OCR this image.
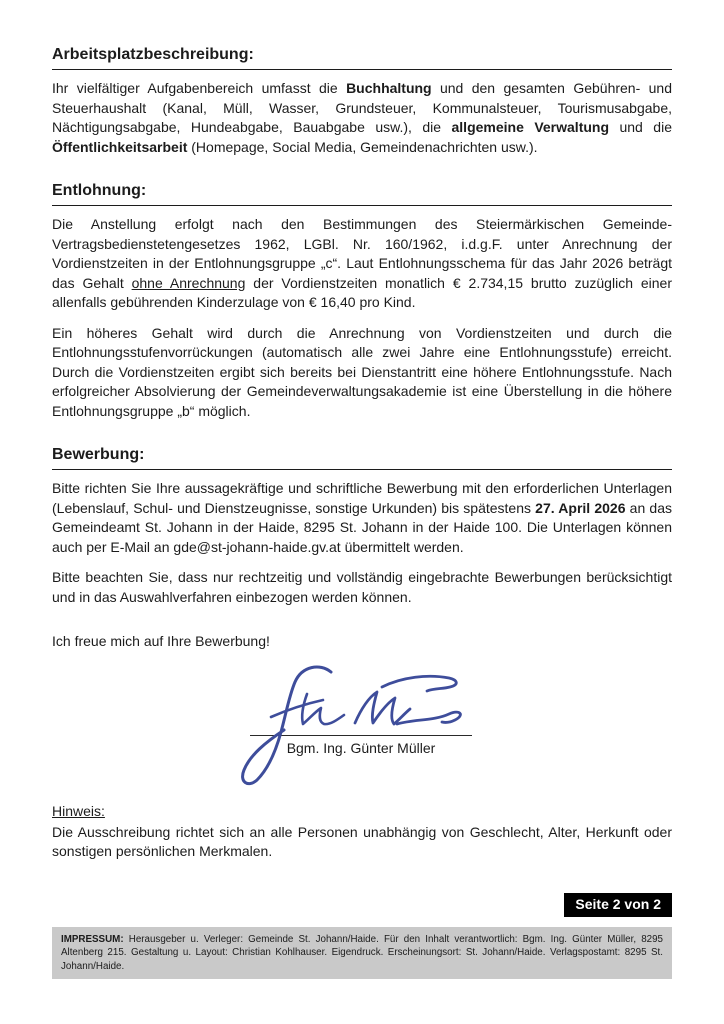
Arbeitsplatzbeschreibung:

Ihr vielfältiger Aufgabenbereich umfasst die Buchhaltung und den gesamten Gebühren- und Steuerhaushalt (Kanal, Müll, Wasser, Grundsteuer, Kommunalsteuer, Tourismusabgabe, Nächtigungsabgabe, Hundeabgabe, Bauabgabe usw.), die allgemeine Verwaltung und die Öffentlichkeitsarbeit (Homepage, Social Media, Gemeindenachrichten usw.).

Entlohnung:

Die Anstellung erfolgt nach den Bestimmungen des Steiermärkischen Gemeinde-Vertragsbedienstetengesetzes 1962, LGBl. Nr. 160/1962, i.d.g.F. unter Anrechnung der Vordienstzeiten in der Entlohnungsgruppe „c“. Laut Entlohnungsschema für das Jahr 2026 beträgt das Gehalt ohne Anrechnung der Vordienstzeiten monatlich € 2.734,15 brutto zuzüglich einer allenfalls gebührenden Kinderzulage von € 16,40 pro Kind.

Ein höheres Gehalt wird durch die Anrechnung von Vordienstzeiten und durch die Entlohnungsstufenvorrückungen (automatisch alle zwei Jahre eine Entlohnungsstufe) erreicht. Durch die Vordienstzeiten ergibt sich bereits bei Dienstantritt eine höhere Entlohnungsstufe. Nach erfolgreicher Absolvierung der Gemeindeverwaltungsakademie ist eine Überstellung in die höhere Entlohnungsgruppe „b“ möglich.

Bewerbung:

Bitte richten Sie Ihre aussagekräftige und schriftliche Bewerbung mit den erforderlichen Unterlagen (Lebenslauf, Schul- und Dienstzeugnisse, sonstige Urkunden) bis spätestens 27. April 2026 an das Gemeindeamt St. Johann in der Haide, 8295 St. Johann in der Haide 100. Die Unterlagen können auch per E-Mail an gde@st-johann-haide.gv.at übermittelt werden.

Bitte beachten Sie, dass nur rechtzeitig und vollständig eingebrachte Bewerbungen berücksichtigt und in das Auswahlverfahren einbezogen werden können.

Ich freue mich auf Ihre Bewerbung!

Bgm. Ing. Günter Müller

Hinweis:

Die Ausschreibung richtet sich an alle Personen unabhängig von Geschlecht, Alter, Herkunft oder sonstigen persönlichen Merkmalen.

Seite 2 von 2
IMPRESSUM: Herausgeber u. Verleger: Gemeinde St. Johann/Haide. Für den Inhalt verantwortlich: Bgm. Ing. Günter Müller, 8295 Altenberg 215. Gestaltung u. Layout: Christian Kohlhauser. Eigendruck. Erscheinungsort: St. Johann/Haide. Verlagspostamt: 8295 St. Johann/Haide.
